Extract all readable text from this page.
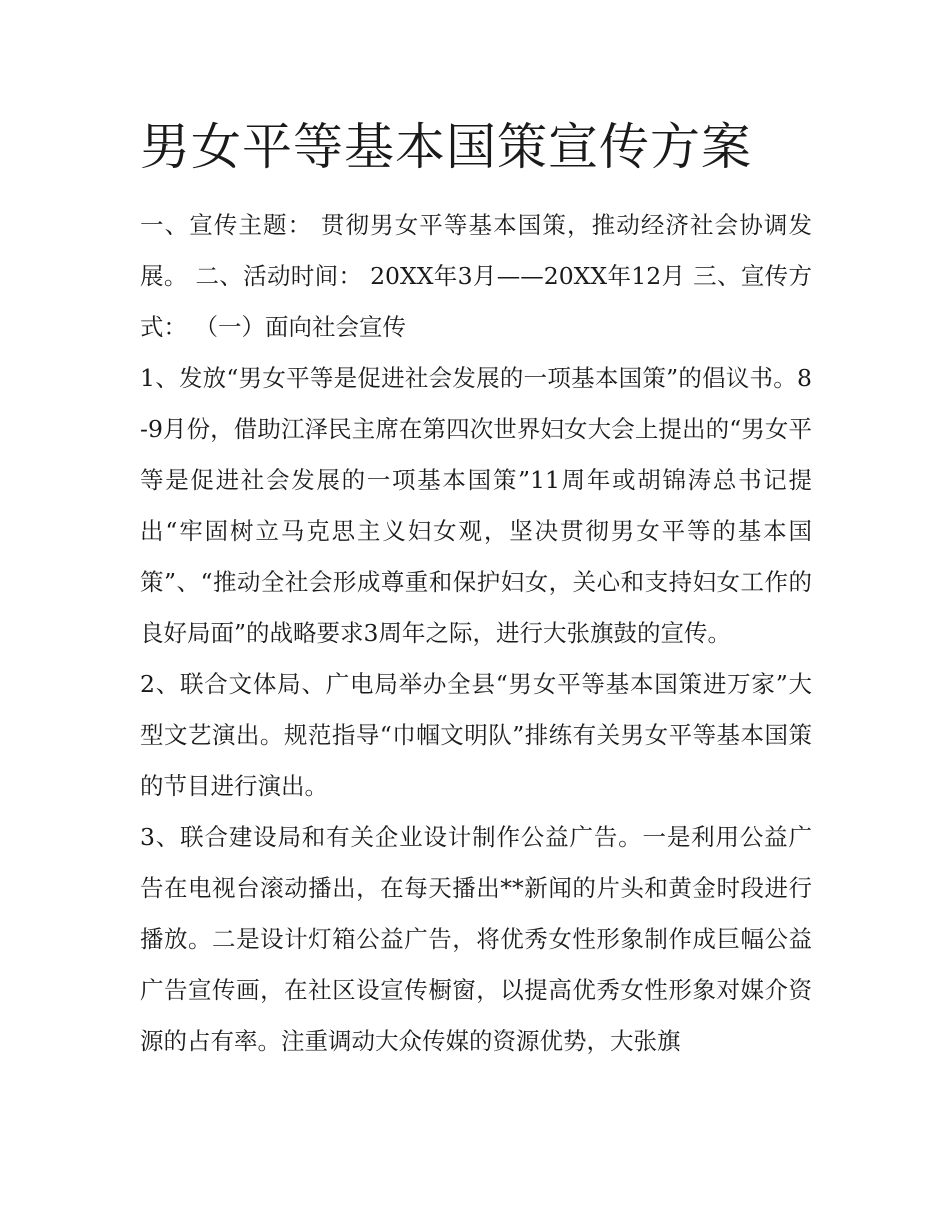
男女平等基本国策宣传方案

一、宣传主题： 贯彻男女平等基本国策，推动经济社会协调发展。 二、活动时间： 20XX年3月——20XX年12月 三、宣传方式： （一）面向社会宣传

1、发放“男女平等是促进社会发展的一项基本国策”的倡议书。8-9月份，借助江泽民主席在第四次世界妇女大会上提出的“男女平等是促进社会发展的一项基本国策”11周年或胡锦涛总书记提出“牢固树立马克思主义妇女观，坚决贯彻男女平等的基本国策”、“推动全社会形成尊重和保护妇女，关心和支持妇女工作的良好局面”的战略要求3周年之际，进行大张旗鼓的宣传。

2、联合文体局、广电局举办全县“男女平等基本国策进万家”大型文艺演出。规范指导“巾帼文明队”排练有关男女平等基本国策的节目进行演出。

3、联合建设局和有关企业设计制作公益广告。一是利用公益广告在电视台滚动播出，在每天播出**新闻的片头和黄金时段进行播放。二是设计灯箱公益广告，将优秀女性形象制作成巨幅公益广告宣传画，在社区设宣传橱窗，以提高优秀女性形象对媒介资源的占有率。注重调动大众传媒的资源优势，大张旗
